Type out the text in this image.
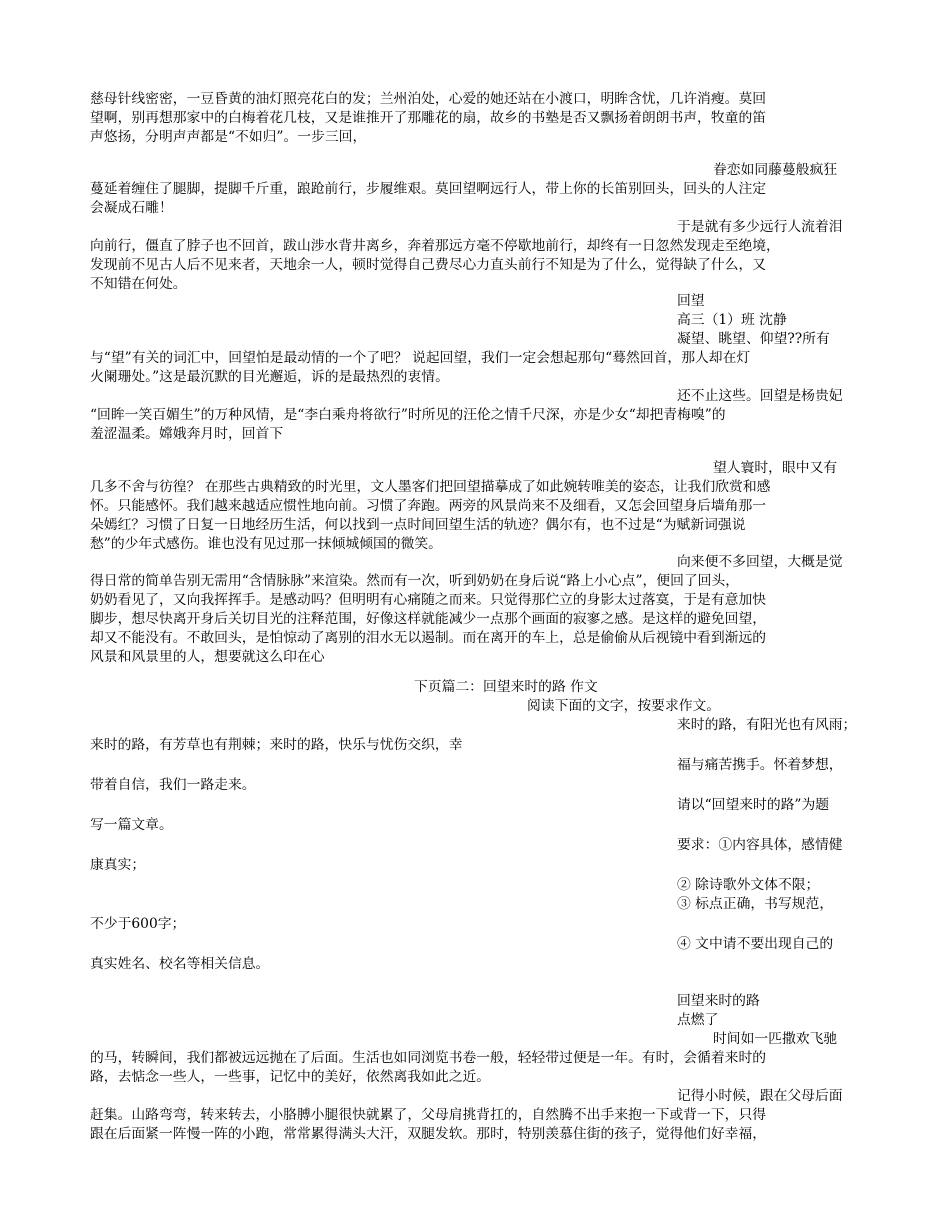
慈母针线密密，一豆昏黄的油灯照亮花白的发；兰州泊处，心爱的她还站在小渡口，明眸含忧，几许消瘦。莫回
望啊，别再想那家中的白梅着花几枝，又是谁推开了那雕花的扇，故乡的书塾是否又飘扬着朗朗书声，牧童的笛
声悠扬，分明声声都是“不如归”。一步三回，
眷恋如同藤蔓般疯狂
蔓延着缠住了腿脚，提脚千斤重，踉跄前行，步履维艰。莫回望啊远行人，带上你的长笛别回头，回头的人注定
会凝成石雕！
于是就有多少远行人流着泪
向前行，僵直了脖子也不回首，跋山涉水背井离乡，奔着那远方毫不停歇地前行，却终有一日忽然发现走至绝境，
发现前不见古人后不见来者，天地余一人，顿时觉得自己费尽心力直头前行不知是为了什么，觉得缺了什么，又
不知错在何处。
回望
高三（1）班 沈静
凝望、眺望、仰望??所有
与“望”有关的词汇中，回望怕是最动情的一个了吧？ 说起回望，我们一定会想起那句“蓦然回首，那人却在灯
火阑珊处。”这是最沉默的目光邂逅，诉的是最热烈的衷情。
还不止这些。回望是杨贵妃
“回眸一笑百媚生”的万种风情，是“李白乘舟将欲行”时所见的汪伦之情千尺深，亦是少女“却把青梅嗅”的
羞涩温柔。嫦娥奔月时，回首下
望人寰时，眼中又有
几多不舍与彷徨？ 在那些古典精致的时光里，文人墨客们把回望描摹成了如此婉转唯美的姿态，让我们欣赏和感
怀。只能感怀。我们越来越适应惯性地向前。习惯了奔跑。两旁的风景尚来不及细看，又怎会回望身后墙角那一
朵嫣红？习惯了日复一日地经历生活，何以找到一点时间回望生活的轨迹？偶尔有，也不过是“为赋新词强说
愁”的少年式感伤。谁也没有见过那一抹倾城倾国的微笑。
向来便不多回望，大概是觉
得日常的简单告别无需用“含情脉脉”来渲染。然而有一次，听到奶奶在身后说“路上小心点”，便回了回头，
奶奶看见了，又向我挥挥手。是感动吗？但明明有心痛随之而来。只觉得那伫立的身影太过落寞，于是有意加快
脚步，想尽快离开身后关切目光的注释范围，好像这样就能减少一点那个画面的寂寥之感。是这样的避免回望，
却又不能没有。不敢回头，是怕惊动了离别的泪水无以遏制。而在离开的车上，总是偷偷从后视镜中看到渐远的
风景和风景里的人，想要就这么印在心
下页篇二：回望来时的路 作文
阅读下面的文字，按要求作文。
来时的路，有阳光也有风雨；
来时的路，有芳草也有荆棘；来时的路，快乐与忧伤交织，幸
福与痛苦携手。怀着梦想，
带着自信，我们一路走来。
请以“回望来时的路”为题
写一篇文章。
要求：①内容具体，感情健
康真实；
② 除诗歌外文体不限；
③ 标点正确，书写规范，
不少于600字；
④ 文中请不要出现自己的
真实姓名、校名等相关信息。
回望来时的路
点燃了
时间如一匹撒欢飞驰
的马，转瞬间，我们都被远远抛在了后面。生活也如同浏览书卷一般，轻轻带过便是一年。有时，会循着来时的
路，去惦念一些人，一些事，记忆中的美好，依然离我如此之近。
记得小时候，跟在父母后面
赶集。山路弯弯，转来转去，小胳膊小腿很快就累了，父母肩挑背扛的，自然腾不出手来抱一下或背一下，只得
跟在后面紧一阵慢一阵的小跑，常常累得满头大汗，双腿发软。那时，特别羡慕住街的孩子，觉得他们好幸福，
